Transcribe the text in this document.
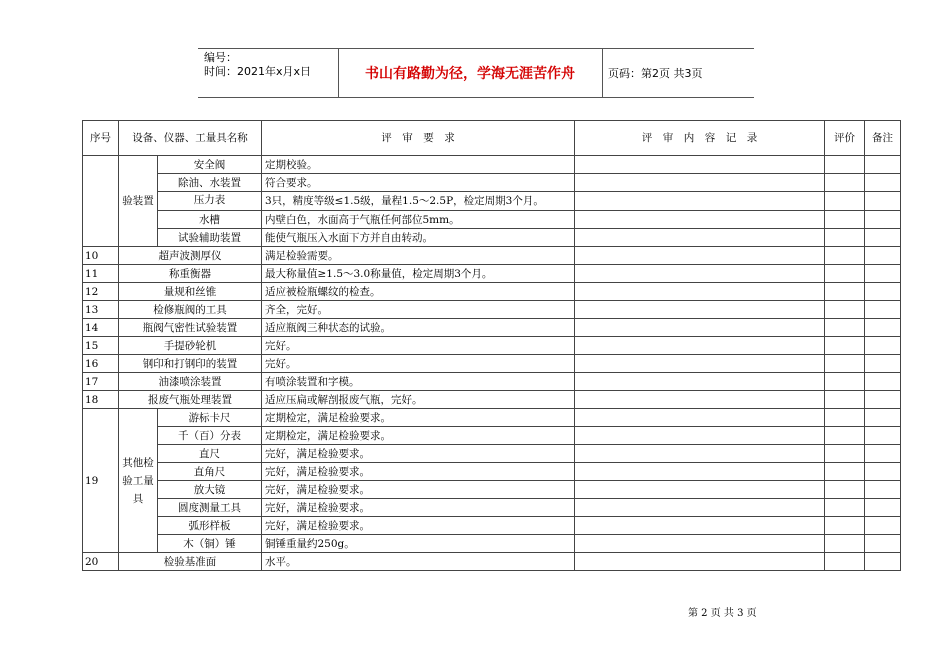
编号：
时间：2021年x月x日	书山有路勤为径，学海无涯苦作舟	页码：第2页 共3页
序号	设备、仪器、工量具名称		评　审　要　求	评　审　内　容　记　录	评价	备注
	验装置	安全阀	定期校验。			
		除油、水装置	符合要求。			
		压力表	3只，精度等级≤1.5级，量程1.5～2.5P，检定周期3个月。			

		水槽	内壁白色，水面高于气瓶任何部位5mm。			
		试验辅助装置	能使气瓶压入水面下方并自由转动。			
10	超声波测厚仪		满足检验需要。			
11	称重衡器		最大称量值≥1.5～3.0称量值，检定周期3个月。			
12	量规和丝锥		适应被检瓶螺纹的检查。			
13	检修瓶阀的工具		齐全，完好。			
14	瓶阀气密性试验装置		适应瓶阀三种状态的试验。			
15	手提砂轮机		完好。			
16	钢印和打钢印的装置		完好。			
17	油漆喷涂装置		有喷涂装置和字模。			
18	报废气瓶处理装置		适应压扁或解剖报废气瓶，完好。			
19	其他检验工量具	游标卡尺	定期检定，满足检验要求。			
		千（百）分表	定期检定，满足检验要求。			
		直尺	完好，满足检验要求。			
		直角尺	完好，满足检验要求。			
		放大镜	完好，满足检验要求。			
		圆度测量工具	完好，满足检验要求。			
		弧形样板	完好，满足检验要求。			
		木（铜）锤	铜锤重量约250g。			
20	检验基准面		水平。			
第 2 页 共 3 页
